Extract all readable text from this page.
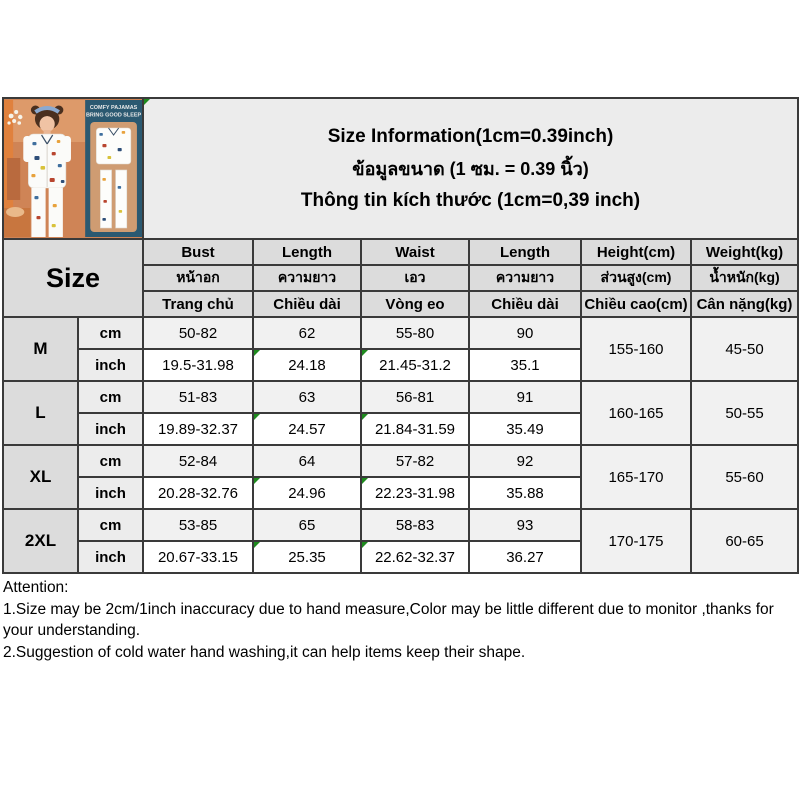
COMFY PAJAMAS
BRING GOOD SLEEP

Size Information(1cm=0.39inch)
ข้อมูลขนาด (1 ซม. = 0.39 นิ้ว)
Thông tin kích thước (1cm=0,39 inch)

Size		Bust	Length	Waist	Length	Height(cm)	Weight(kg)
		หน้าอก	ความยาว	เอว	ความยาว	ส่วนสูง(cm)	น้ำหนัก(kg)
		Trang chủ	Chiều dài	Vòng eo	Chiều dài	Chiều cao(cm)	Cân nặng(kg)
M	cm	50-82	62	55-80	90	155-160	45-50
	inch	19.5-31.98	24.18	21.45-31.2	35.1		
L	cm	51-83	63	56-81	91	160-165	50-55
	inch	19.89-32.37	24.57	21.84-31.59	35.49		
XL	cm	52-84	64	57-82	92	165-170	55-60
	inch	20.28-32.76	24.96	22.23-31.98	35.88		
2XL	cm	53-85	65	58-83	93	170-175	60-65
	inch	20.67-33.15	25.35	22.62-32.37	36.27		
Attention:
1.Size may be 2cm/1inch inaccuracy due to hand measure,Color may be little different due to monitor ,thanks for your understanding.
2.Suggestion of cold water hand washing,it can help items keep their shape.
